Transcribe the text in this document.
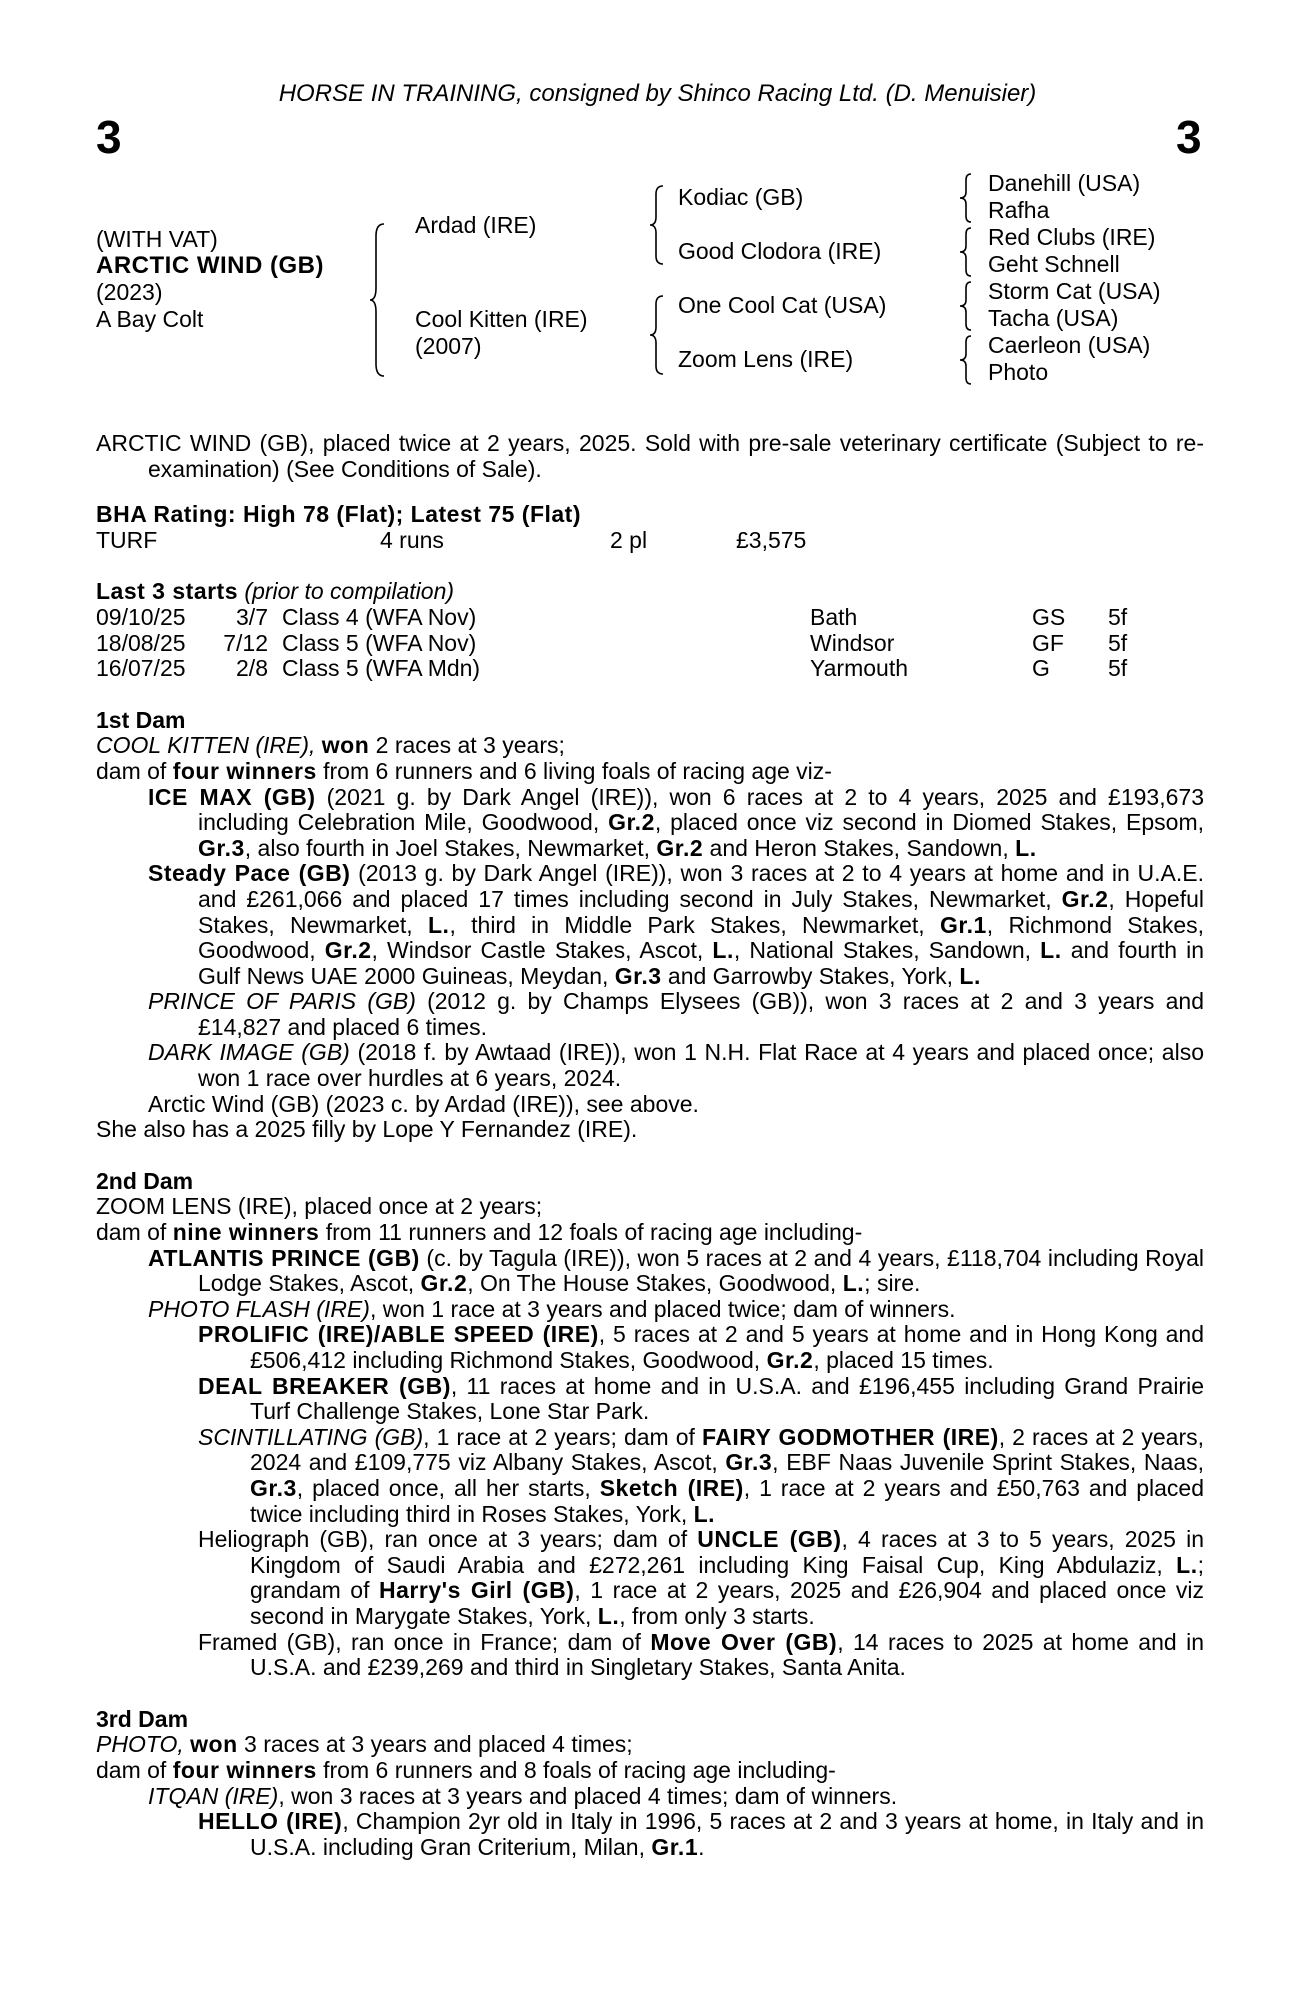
HORSE IN TRAINING, consigned by Shinco Racing Ltd. (D. Menuisier)
3	3
(WITH VAT)
ARCTIC WIND (GB)
(2023)
A Bay Colt
Ardad (IRE)
Cool Kitten (IRE)
(2007)
Kodiac (GB)
Good Clodora (IRE)
One Cool Cat (USA)
Zoom Lens (IRE)
Danehill (USA)
Rafha
Red Clubs (IRE)
Geht Schnell
Storm Cat (USA)
Tacha (USA)
Caerleon (USA)
Photo

ARCTIC WIND (GB), placed twice at 2 years, 2025. Sold with pre-sale veterinary certificate (Subject to re-examination) (See Conditions of Sale).

BHA Rating: High 78 (Flat); Latest 75 (Flat)

TURF	4 runs	2 pl	£3,575

Last 3 starts (prior to compilation)

09/10/25	3/7 Class 4 (WFA Nov)	Bath	GS	5f
18/08/25	7/12 Class 5 (WFA Nov)	Windsor	GF	5f
16/07/25	2/8 Class 5 (WFA Mdn)	Yarmouth	G	5f

1st Dam

COOL KITTEN (IRE), won 2 races at 3 years;

dam of four winners from 6 runners and 6 living foals of racing age viz-

ICE MAX (GB) (2021 g. by Dark Angel (IRE)), won 6 races at 2 to 4 years, 2025 and £193,673 including Celebration Mile, Goodwood, Gr.2, placed once viz second in Diomed Stakes, Epsom, Gr.3, also fourth in Joel Stakes, Newmarket, Gr.2 and Heron Stakes, Sandown, L.

Steady Pace (GB) (2013 g. by Dark Angel (IRE)), won 3 races at 2 to 4 years at home and in U.A.E. and £261,066 and placed 17 times including second in July Stakes, Newmarket, Gr.2, Hopeful Stakes, Newmarket, L., third in Middle Park Stakes, Newmarket, Gr.1, Richmond Stakes, Goodwood, Gr.2, Windsor Castle Stakes, Ascot, L., National Stakes, Sandown, L. and fourth in Gulf News UAE 2000 Guineas, Meydan, Gr.3 and Garrowby Stakes, York, L.

PRINCE OF PARIS (GB) (2012 g. by Champs Elysees (GB)), won 3 races at 2 and 3 years and £14,827 and placed 6 times.

DARK IMAGE (GB) (2018 f. by Awtaad (IRE)), won 1 N.H. Flat Race at 4 years and placed once; also won 1 race over hurdles at 6 years, 2024.

Arctic Wind (GB) (2023 c. by Ardad (IRE)), see above.

She also has a 2025 filly by Lope Y Fernandez (IRE).

2nd Dam

ZOOM LENS (IRE), placed once at 2 years;

dam of nine winners from 11 runners and 12 foals of racing age including-

ATLANTIS PRINCE (GB) (c. by Tagula (IRE)), won 5 races at 2 and 4 years, £118,704 including Royal Lodge Stakes, Ascot, Gr.2, On The House Stakes, Goodwood, L.; sire.

PHOTO FLASH (IRE), won 1 race at 3 years and placed twice; dam of winners.

PROLIFIC (IRE)/ABLE SPEED (IRE), 5 races at 2 and 5 years at home and in Hong Kong and £506,412 including Richmond Stakes, Goodwood, Gr.2, placed 15 times.

DEAL BREAKER (GB), 11 races at home and in U.S.A. and £196,455 including Grand Prairie Turf Challenge Stakes, Lone Star Park.

SCINTILLATING (GB), 1 race at 2 years; dam of FAIRY GODMOTHER (IRE), 2 races at 2 years, 2024 and £109,775 viz Albany Stakes, Ascot, Gr.3, EBF Naas Juvenile Sprint Stakes, Naas, Gr.3, placed once, all her starts, Sketch (IRE), 1 race at 2 years and £50,763 and placed twice including third in Roses Stakes, York, L.

Heliograph (GB), ran once at 3 years; dam of UNCLE (GB), 4 races at 3 to 5 years, 2025 in Kingdom of Saudi Arabia and £272,261 including King Faisal Cup, King Abdulaziz, L.; grandam of Harry's Girl (GB), 1 race at 2 years, 2025 and £26,904 and placed once viz second in Marygate Stakes, York, L., from only 3 starts.

Framed (GB), ran once in France; dam of Move Over (GB), 14 races to 2025 at home and in U.S.A. and £239,269 and third in Singletary Stakes, Santa Anita.

3rd Dam

PHOTO, won 3 races at 3 years and placed 4 times;

dam of four winners from 6 runners and 8 foals of racing age including-

ITQAN (IRE), won 3 races at 3 years and placed 4 times; dam of winners.

HELLO (IRE), Champion 2yr old in Italy in 1996, 5 races at 2 and 3 years at home, in Italy and in U.S.A. including Gran Criterium, Milan, Gr.1.
